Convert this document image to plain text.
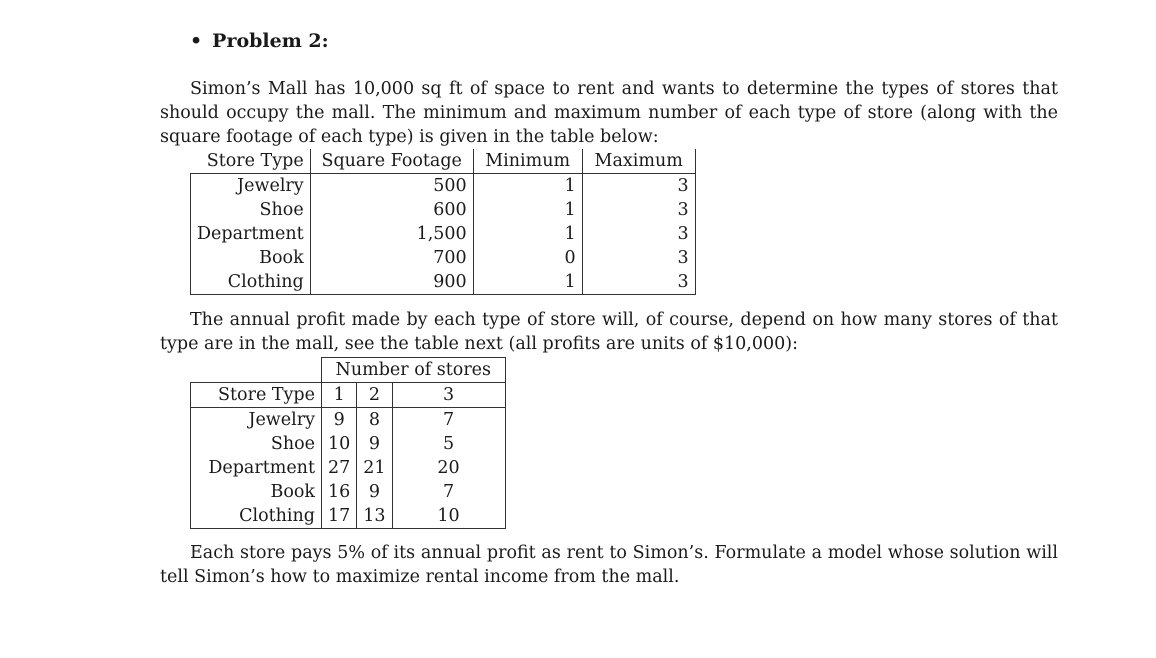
• Problem 2:

Simon’s Mall has 10,000 sq ft of space to rent and wants to determine the types of stores that should occupy the mall. The minimum and maximum number of each type of store (along with the square footage of each type) is given in the table below:

Store Type	Square Footage	Minimum	Maximum
Jewelry	500	1	3
Shoe	600	1	3
Department	1,500	1	3
Book	700	0	3
Clothing	900	1	3

The annual profit made by each type of store will, of course, depend on how many stores of that type are in the mall, see the table next (all profits are units of $10,000):

	Number of stores		
Store Type	1	2	3
Jewelry	9	8	7
Shoe	10	9	5
Department	27	21	20
Book	16	9	7
Clothing	17	13	10

Each store pays 5% of its annual profit as rent to Simon’s. Formulate a model whose solution will tell Simon’s how to maximize rental income from the mall.
